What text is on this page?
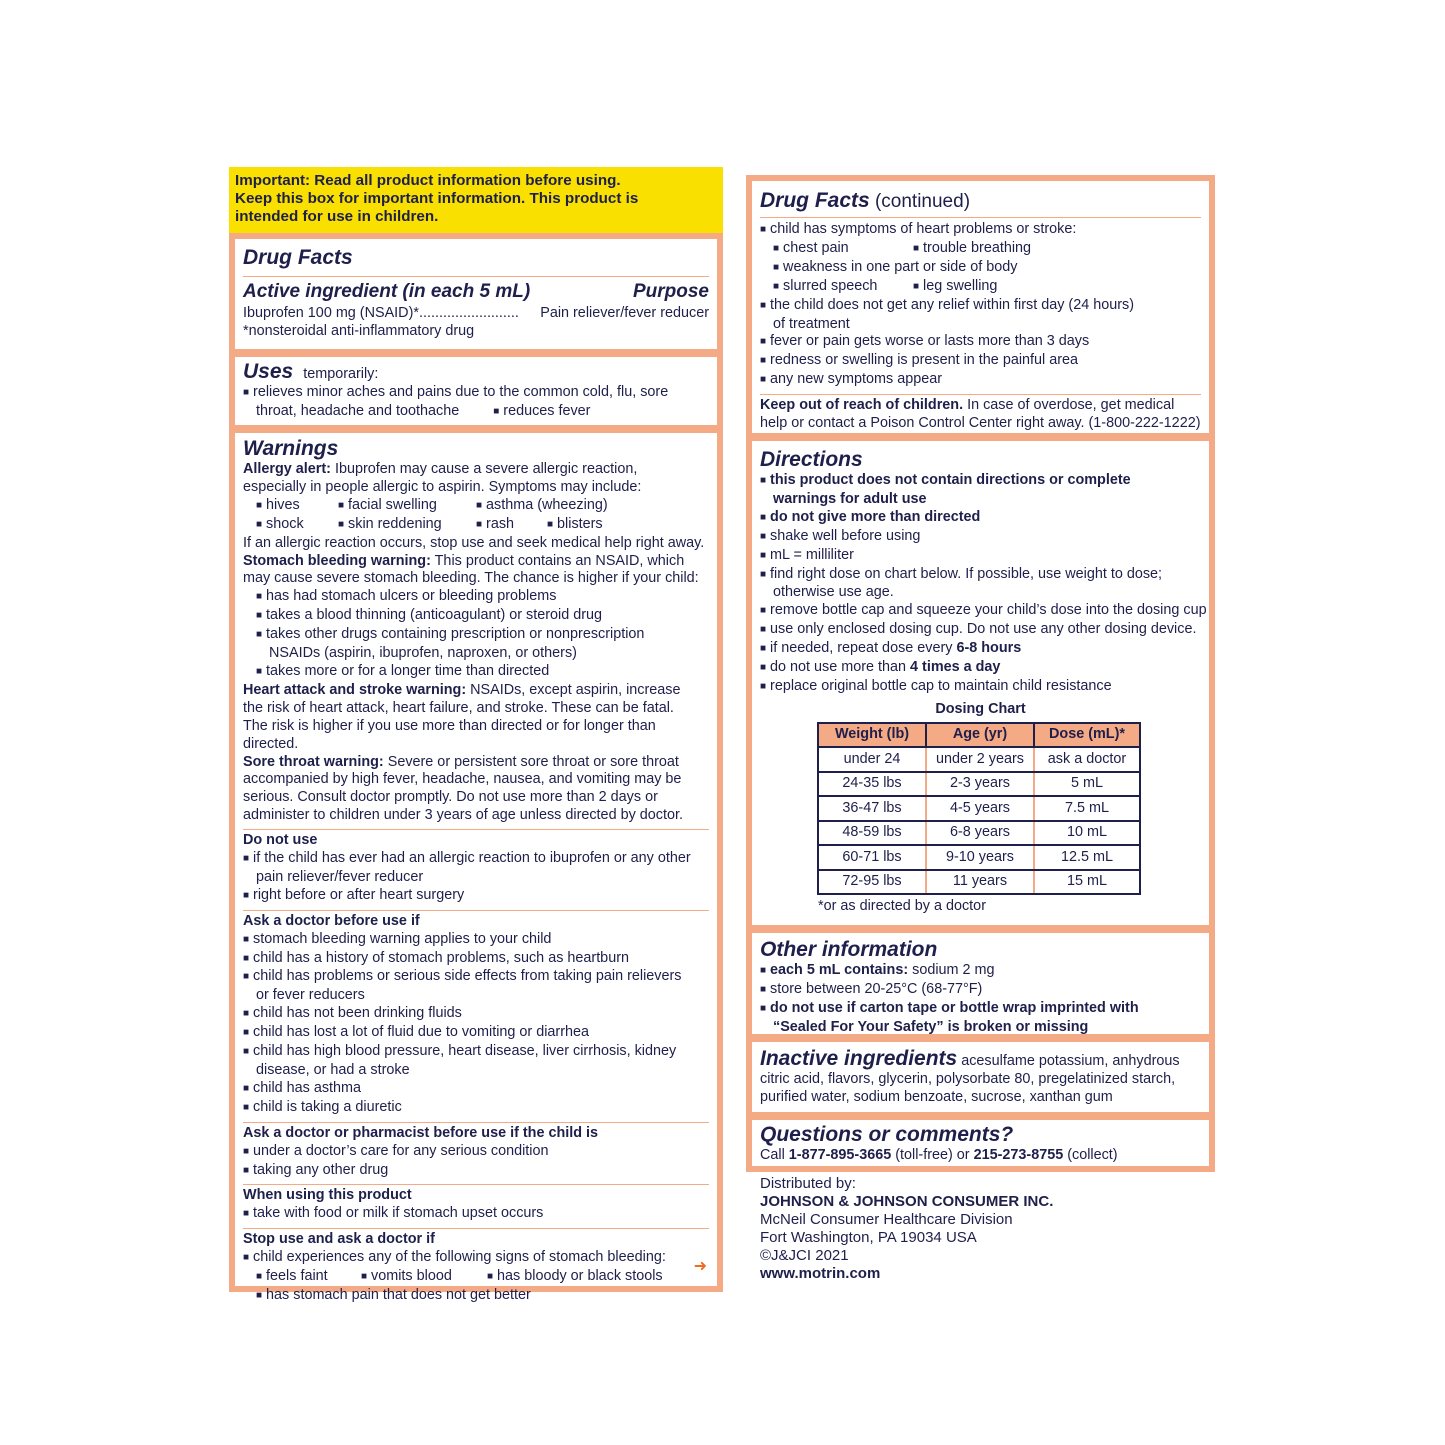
Important: Read all product information before using.
Keep this box for important information. This product is
intended for use in children.
Drug Facts
Active ingredient (in each 5 mL)	Purpose
Ibuprofen 100 mg (NSAID)*......................... Pain reliever/fever reducer
*nonsteroidal anti-inflammatory drug
Uses temporarily:
■ relieves minor aches and pains due to the common cold, flu, sore
throat, headache and toothache	■ reduces fever
Warnings
Allergy alert: Ibuprofen may cause a severe allergic reaction,
especially in people allergic to aspirin. Symptoms may include:
■ hives	■ facial swelling	■ asthma (wheezing)
■ shock	■ skin reddening	■ rash	■ blisters
If an allergic reaction occurs, stop use and seek medical help right away.
Stomach bleeding warning: This product contains an NSAID, which
may cause severe stomach bleeding. The chance is higher if your child:
■ has had stomach ulcers or bleeding problems
■ takes a blood thinning (anticoagulant) or steroid drug
■ takes other drugs containing prescription or nonprescription
NSAIDs (aspirin, ibuprofen, naproxen, or others)
■ takes more or for a longer time than directed
Heart attack and stroke warning: NSAIDs, except aspirin, increase
the risk of heart attack, heart failure, and stroke. These can be fatal.
The risk is higher if you use more than directed or for longer than
directed.
Sore throat warning: Severe or persistent sore throat or sore throat
accompanied by high fever, headache, nausea, and vomiting may be
serious. Consult doctor promptly. Do not use more than 2 days or
administer to children under 3 years of age unless directed by doctor.
Do not use
■ if the child has ever had an allergic reaction to ibuprofen or any other
pain reliever/fever reducer
■ right before or after heart surgery
Ask a doctor before use if
■ stomach bleeding warning applies to your child
■ child has a history of stomach problems, such as heartburn
■ child has problems or serious side effects from taking pain relievers
or fever reducers
■ child has not been drinking fluids
■ child has lost a lot of fluid due to vomiting or diarrhea
■ child has high blood pressure, heart disease, liver cirrhosis, kidney
disease, or had a stroke
■ child has asthma
■ child is taking a diuretic
Ask a doctor or pharmacist before use if the child is
■ under a doctor’s care for any serious condition
■ taking any other drug
When using this product
■ take with food or milk if stomach upset occurs
Stop use and ask a doctor if
■ child experiences any of the following signs of stomach bleeding:
■ feels faint	■ vomits blood	■ has bloody or black stools
■ has stomach pain that does not get better
➜
Drug Facts (continued)
■ child has symptoms of heart problems or stroke:
■ chest pain	■ trouble breathing
■ weakness in one part or side of body
■ slurred speech	■ leg swelling
■ the child does not get any relief within first day (24 hours)
of treatment
■ fever or pain gets worse or lasts more than 3 days
■ redness or swelling is present in the painful area
■ any new symptoms appear
Keep out of reach of children. In case of overdose, get medical
help or contact a Poison Control Center right away. (1-800-222-1222)
Directions
■ this product does not contain directions or complete
warnings for adult use
■ do not give more than directed
■ shake well before using
■ mL = milliliter
■ find right dose on chart below. If possible, use weight to dose;
otherwise use age.
■ remove bottle cap and squeeze your child’s dose into the dosing cup
■ use only enclosed dosing cup. Do not use any other dosing device.
■ if needed, repeat dose every 6-8 hours
■ do not use more than 4 times a day
■ replace original bottle cap to maintain child resistance
Dosing Chart
Weight (lb)	Age (yr)	Dose (mL)*
under 24	under 2 years	ask a doctor
24-35 lbs	2-3 years	5 mL
36-47 lbs	4-5 years	7.5 mL
48-59 lbs	6-8 years	10 mL
60-71 lbs	9-10 years	12.5 mL
72-95 lbs	11 years	15 mL
*or as directed by a doctor
Other information
■ each 5 mL contains: sodium 2 mg
■ store between 20-25°C (68-77°F)
■ do not use if carton tape or bottle wrap imprinted with
“Sealed For Your Safety” is broken or missing
Inactive ingredients acesulfame potassium, anhydrous
citric acid, flavors, glycerin, polysorbate 80, pregelatinized starch,
purified water, sodium benzoate, sucrose, xanthan gum
Questions or comments?
Call 1-877-895-3665 (toll-free) or 215-273-8755 (collect)
Distributed by:
JOHNSON & JOHNSON CONSUMER INC.
McNeil Consumer Healthcare Division
Fort Washington, PA 19034 USA
©J&JCI 2021
www.motrin.com
